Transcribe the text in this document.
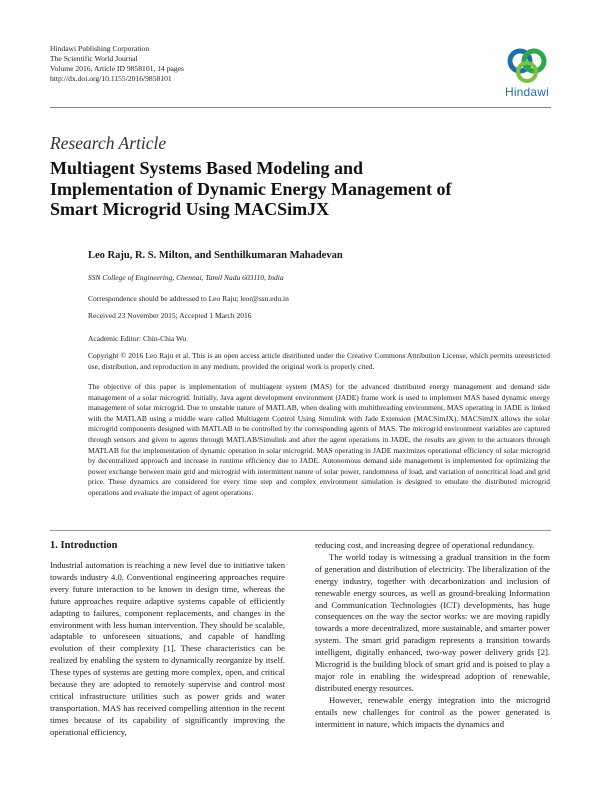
Hindawi Publishing Corporation
The Scientific World Journal
Volume 2016, Article ID 9858101, 14 pages
http://dx.doi.org/10.1155/2016/9858101
Hindawi
Research Article
Multiagent Systems Based Modeling and
Implementation of Dynamic Energy Management of
Smart Microgrid Using MACSimJX
Leo Raju, R. S. Milton, and Senthilkumaran Mahadevan
SSN College of Engineering, Chennai, Tamil Nadu 603110, India
Correspondence should be addressed to Leo Raju; leor@ssn.edu.in
Received 23 November 2015; Accepted 1 March 2016
Academic Editor: Chin-Chia Wu
Copyright © 2016 Leo Raju et al. This is an open access article distributed under the Creative Commons Attribution License, which permits unrestricted use, distribution, and reproduction in any medium, provided the original work is properly cited.
The objective of this paper is implementation of multiagent system (MAS) for the advanced distributed energy management and demand side management of a solar microgrid. Initially, Java agent development environment (JADE) frame work is used to implement MAS based dynamic energy management of solar microgrid. Due to unstable nature of MATLAB, when dealing with multithreading environment, MAS operating in JADE is linked with the MATLAB using a middle ware called Multiagent Control Using Simulink with Jade Extension (MACSimJX). MACSimJX allows the solar microgrid components designed with MATLAB to be controlled by the corresponding agents of MAS. The microgrid environment variables are captured through sensors and given to agents through MATLAB/Simulink and after the agent operations in JADE, the results are given to the actuators through MATLAB for the implementation of dynamic operation in solar microgrid. MAS operating in JADE maximizes operational efficiency of solar microgrid by decentralized approach and increase in runtime efficiency due to JADE. Autonomous demand side management is implemented for optimizing the power exchange between main grid and microgrid with intermittent nature of solar power, randomness of load, and variation of noncritical load and grid price. These dynamics are considered for every time step and complex environment simulation is designed to emulate the distributed microgrid operations and evaluate the impact of agent operations.
1. Introduction

Industrial automation is reaching a new level due to initiative taken towards industry 4.0. Conventional engineering approaches require every future interaction to be known in design time, whereas the future approaches require adaptive systems capable of efficiently adapting to failures, component replacements, and changes in the environment with less human intervention. They should be scalable, adaptable to unforeseen situations, and capable of handling evolution of their complexity [1]. These characteristics can be realized by enabling the system to dynamically reorganize by itself. These types of systems are getting more complex, open, and critical because they are adopted to remotely supervise and control most critical infrastructure utilities such as power grids and water transportation. MAS has received compelling attention in the recent times because of its capability of significantly improving the operational efficiency,

reducing cost, and increasing degree of operational redundancy.

The world today is witnessing a gradual transition in the form of generation and distribution of electricity. The liberalization of the energy industry, together with decarbonization and inclusion of renewable energy sources, as well as ground-breaking Information and Communication Technologies (ICT) developments, has huge consequences on the way the sector works: we are moving rapidly towards a more decentralized, more sustainable, and smarter power system. The smart grid paradigm represents a transition towards intelligent, digitally enhanced, two-way power delivery grids [2]. Microgrid is the building block of smart grid and is poised to play a major role in enabling the widespread adoption of renewable, distributed energy resources.

However, renewable energy integration into the microgrid entails new challenges for control as the power generated is intermittent in nature, which impacts the dynamics and
